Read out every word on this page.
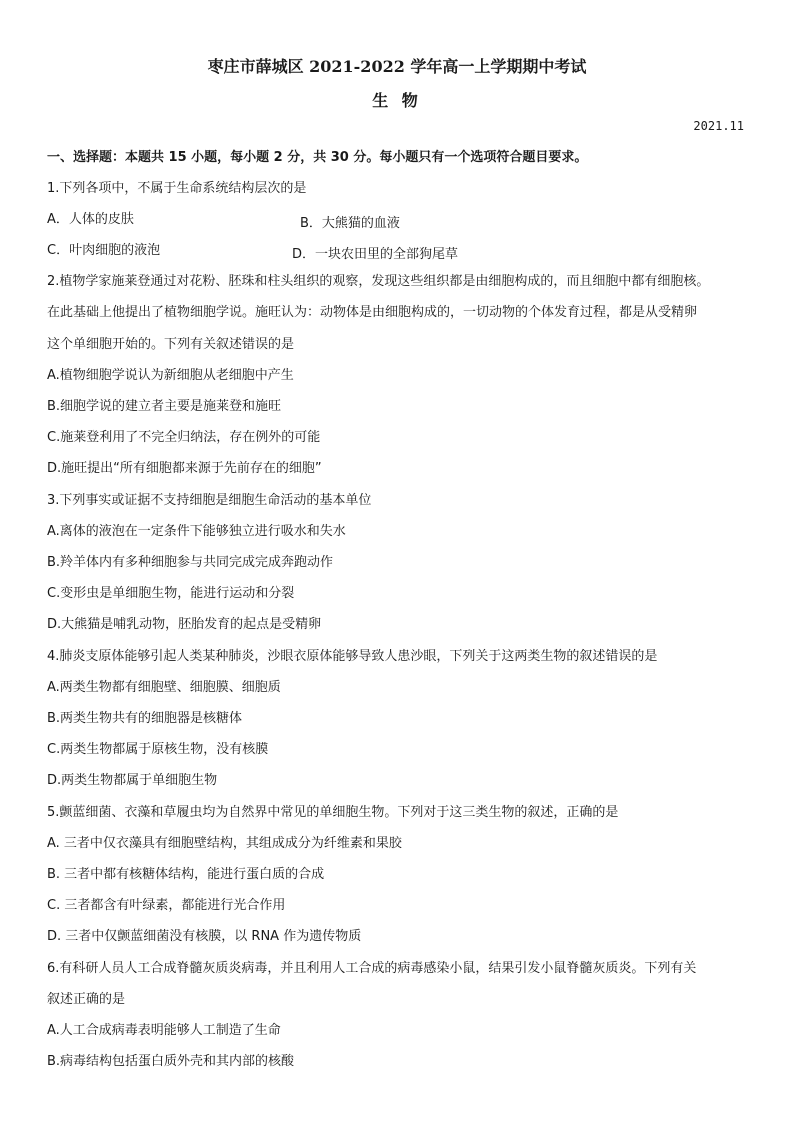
枣庄市薛城区 2021-2022 学年高一上学期期中考试
生 物
2021.11
一、选择题：本题共 15 小题，每小题 2 分，共 30 分。每小题只有一个选项符合题目要求。
1.下列各项中，不属于生命系统结构层次的是
A．人体的皮肤	B．大熊猫的血液
C．叶肉细胞的液泡	D．一块农田里的全部狗尾草
2.植物学家施莱登通过对花粉、胚珠和柱头组织的观察，发现这些组织都是由细胞构成的，而且细胞中都有细胞核。
在此基础上他提出了植物细胞学说。施旺认为：动物体是由细胞构成的，一切动物的个体发育过程，都是从受精卵
这个单细胞开始的。下列有关叙述错误的是
A.植物细胞学说认为新细胞从老细胞中产生
B.细胞学说的建立者主要是施莱登和施旺
C.施莱登利用了不完全归纳法，存在例外的可能
D.施旺提出“所有细胞都来源于先前存在的细胞”
3.下列事实或证据不支持细胞是细胞生命活动的基本单位
A.离体的液泡在一定条件下能够独立进行吸水和失水
B.羚羊体内有多种细胞参与共同完成完成奔跑动作
C.变形虫是单细胞生物，能进行运动和分裂
D.大熊猫是哺乳动物，胚胎发育的起点是受精卵
4.肺炎支原体能够引起人类某种肺炎，沙眼衣原体能够导致人患沙眼，下列关于这两类生物的叙述错误的是
A.两类生物都有细胞壁、细胞膜、细胞质
B.两类生物共有的细胞器是核糖体
C.两类生物都属于原核生物，没有核膜
D.两类生物都属于单细胞生物
5.颤蓝细菌、衣藻和草履虫均为自然界中常见的单细胞生物。下列对于这三类生物的叙述，正确的是
A. 三者中仅衣藻具有细胞壁结构，其组成成分为纤维素和果胶
B. 三者中都有核糖体结构，能进行蛋白质的合成
C. 三者都含有叶绿素，都能进行光合作用
D. 三者中仅颤蓝细菌没有核膜，以 RNA 作为遗传物质
6.有科研人员人工合成脊髓灰质炎病毒，并且利用人工合成的病毒感染小鼠，结果引发小鼠脊髓灰质炎。下列有关
叙述正确的是
A.人工合成病毒表明能够人工制造了生命
B.病毒结构包括蛋白质外壳和其内部的核酸
